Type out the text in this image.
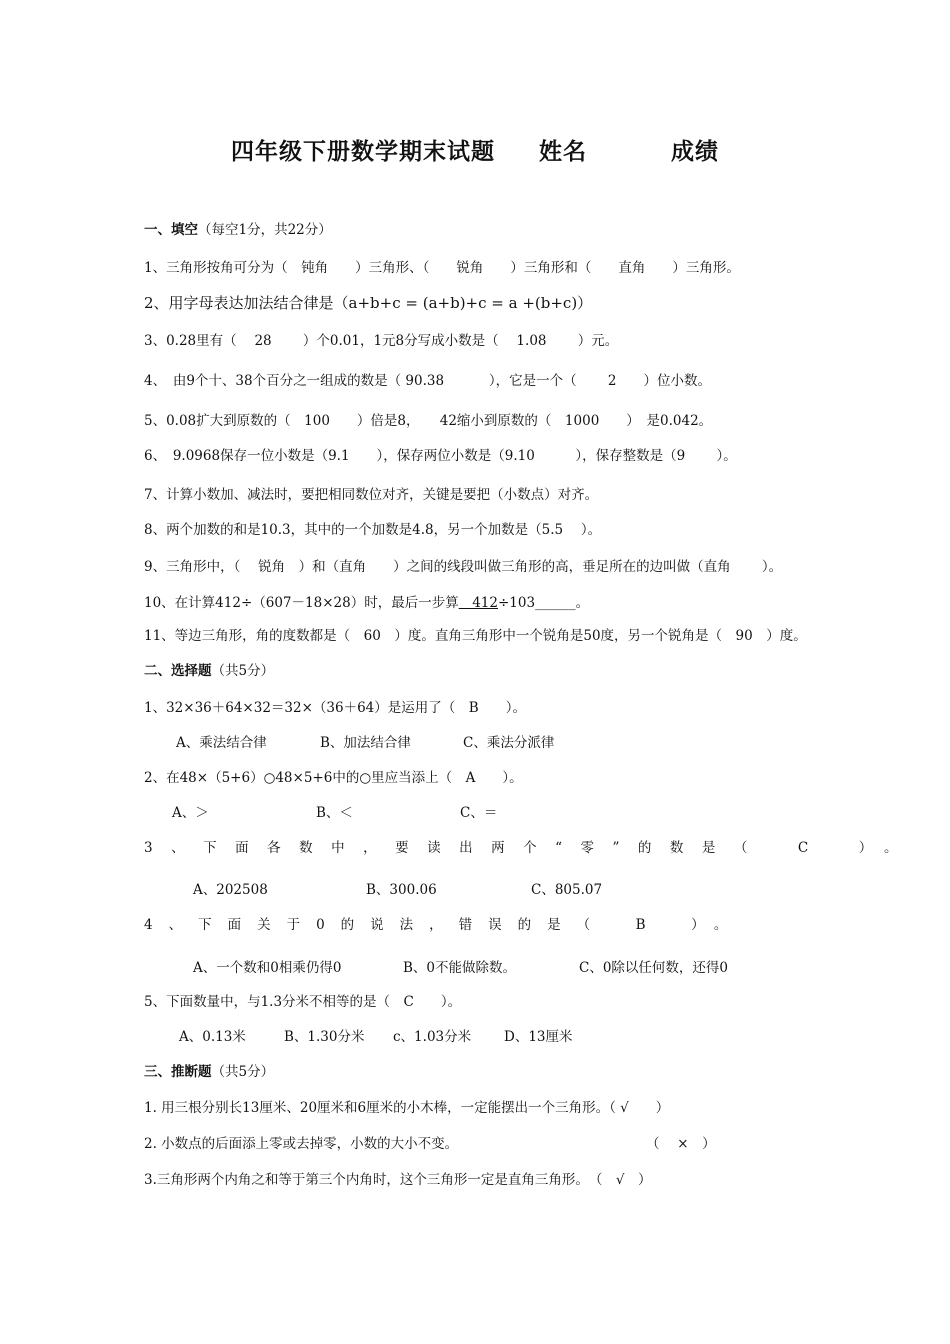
四年级下册数学期末试题 姓名	成绩
一、填空（每空1分，共22分）
1、三角形按角可分为（　钝角　　）三角形、（　　锐角　　）三角形和（　　直角　　）三角形。
2、用字母表达加法结合律是（a+b+c = (a+b)+c = a +(b+c)）
3、0.28里有（　 28　　 ）个0.01，1元8分写成小数是（　 1.08　　 ）元。
4、　由9个十、38个百分之一组成的数是（ 90.38　　　 ），它是一个（　　 2　　）位小数。
5、0.08扩大到原数的（　100　　）倍是8，　　42缩小到原数的（　1000　　）　是0.042。
6、　9.0968保存一位小数是（9.1　　），保存两位小数是（9.10　　　），保存整数是（9　　 ）。
7、计算小数加、减法时，要把相同数位对齐，关键是要把（小数点）对齐。
8、两个加数的和是10.3，其中的一个加数是4.8，另一个加数是（5.5　 ）。
9、三角形中，（　 锐角　）和（直角　　）之间的线段叫做三角形的高，垂足所在的边叫做（直角　　 ）。
10、在计算412÷（607－18×28）时，最后一步算　412÷103______。
11、等边三角形，角的度数都是（　60　）度。直角三角形中一个锐角是50度，另一个锐角是（　90　）度。
二、选择题（共5分）
1、32×36＋64×32＝32×（36＋64）是运用了（　B　　）。
A、乘法结合律	B、加法结合律	C、乘法分派律
2、在48×（5+6）○48×5+6中的○里应当添上（　A　　）。
A、＞	B、＜	C、＝
3、下面各数中，要读出两个“零”的数是（　C　）。
A、202508	B、300.06	C、805.07
4、下面关于0的说法，错误的是（　B　）。
A、一个数和0相乘仍得0	B、0不能做除数。	C、0除以任何数，还得0
5、下面数量中，与1.3分米不相等的是（　C　　）。
A、0.13米	B、1.30分米 c、1.03分米 D、13厘米
三、推断题（共5分）
1. 用三根分别长13厘米、20厘米和6厘米的小木棒，一定能摆出一个三角形。（ √　　）
2. 小数点的后面添上零或去掉零，小数的大小不变。	（　 ×　）
3.三角形两个内角之和等于第三个内角时，这个三角形一定是直角三角形。　（　√　）
